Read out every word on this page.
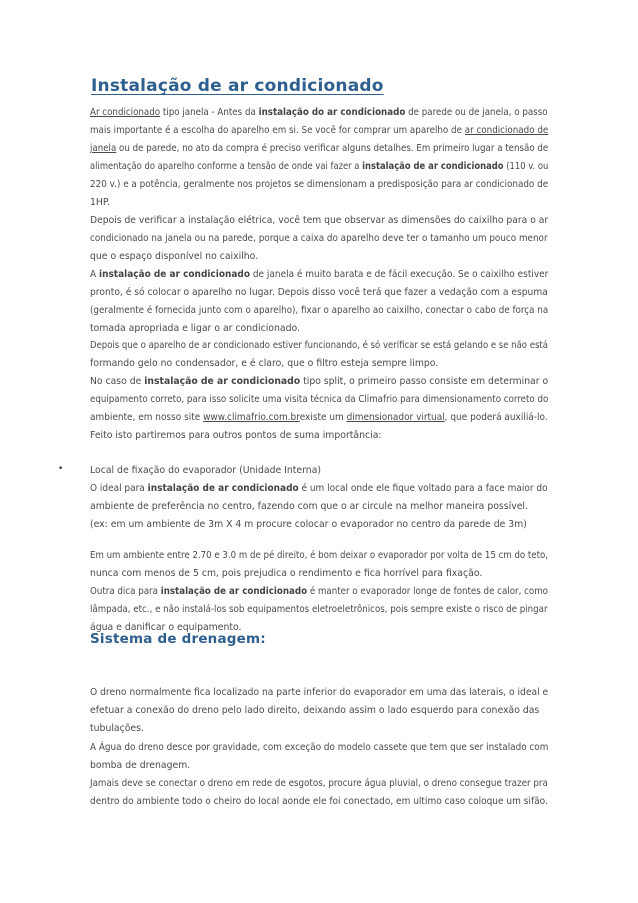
Instalação de ar condicionado
Ar condicionado tipo janela - Antes da instalação do ar condicionado de parede ou de janela, o passo
mais importante é a escolha do aparelho em si. Se você for comprar um aparelho de ar condicionado de
janela ou de parede, no ato da compra é preciso verificar alguns detalhes. Em primeiro lugar a tensão de
alimentação do aparelho conforme a tensão de onde vai fazer a instalação de ar condicionado (110 v. ou
220 v.) e a potência, geralmente nos projetos se dimensionam a predisposição para ar condicionado de
1HP.
Depois de verificar a instalação elétrica, você tem que observar as dimensões do caixilho para o ar
condicionado na janela ou na parede, porque a caixa do aparelho deve ter o tamanho um pouco menor
que o espaço disponível no caixilho.
A instalação de ar condicionado de janela é muito barata e de fácil execução. Se o caixilho estiver
pronto, é só colocar o aparelho no lugar. Depois disso você terá que fazer a vedação com a espuma
(geralmente é fornecida junto com o aparelho), fixar o aparelho ao caixilho, conectar o cabo de força na
tomada apropriada e ligar o ar condicionado.
Depois que o aparelho de ar condicionado estiver funcionando, é só verificar se está gelando e se não está
formando gelo no condensador, e é claro, que o filtro esteja sempre limpo.
No caso de instalação de ar condicionado tipo split, o primeiro passo consiste em determinar o
equipamento correto, para isso solicite uma visita técnica da Climafrio para dimensionamento correto do
ambiente, em nosso site www.climafrio.com.brexiste um dimensionador virtual, que poderá auxiliá-lo.
Feito isto partiremos para outros pontos de suma importância:
•	Local de fixação do evaporador (Unidade Interna)
O ideal para instalação de ar condicionado é um local onde ele fique voltado para a face maior do
ambiente de preferência no centro, fazendo com que o ar circule na melhor maneira possível.
(ex: em um ambiente de 3m X 4 m procure colocar o evaporador no centro da parede de 3m)
Em um ambiente entre 2.70 e 3.0 m de pé direito, é bom deixar o evaporador por volta de 15 cm do teto,
nunca com menos de 5 cm, pois prejudica o rendimento e fica horrível para fixação.
Outra dica para instalação de ar condicionado é manter o evaporador longe de fontes de calor, como
lâmpada, etc., e não instalá-los sob equipamentos eletroeletrônicos, pois sempre existe o risco de pingar
água e danificar o equipamento.
Sistema de drenagem:
O dreno normalmente fica localizado na parte inferior do evaporador em uma das laterais, o ideal e
efetuar a conexão do dreno pelo lado direito, deixando assim o lado esquerdo para conexão das
tubulações.
A Água do dreno desce por gravidade, com exceção do modelo cassete que tem que ser instalado com
bomba de drenagem.
Jamais deve se conectar o dreno em rede de esgotos, procure água pluvial, o dreno consegue trazer pra
dentro do ambiente todo o cheiro do local aonde ele foi conectado, em ultimo caso coloque um sifão.
